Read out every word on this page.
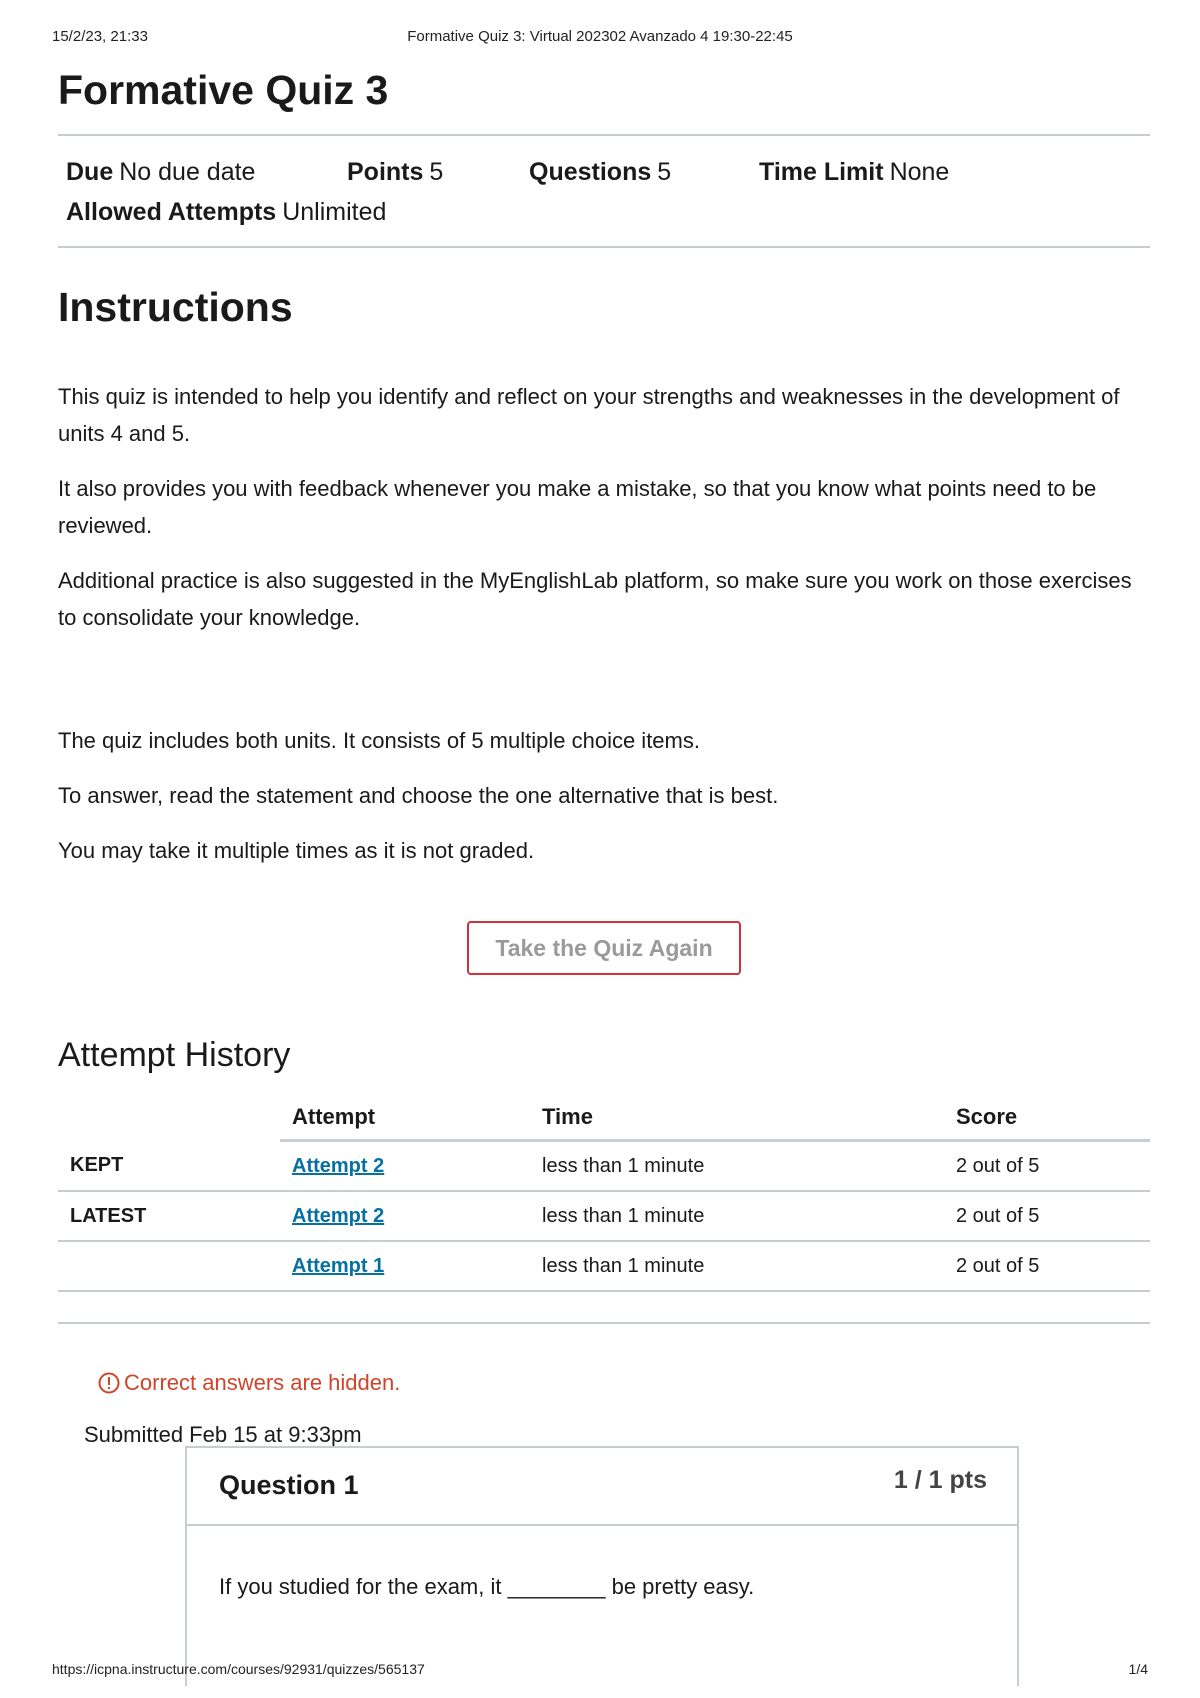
15/2/23, 21:33	Formative Quiz 3: Virtual 202302 Avanzado 4 19:30-22:45
Formative Quiz 3
Due No due date	Points 5	Questions 5	Time Limit None
Allowed Attempts Unlimited
Instructions

This quiz is intended to help you identify and reflect on your strengths and weaknesses in the development of units 4 and 5.

It also provides you with feedback whenever you make a mistake, so that you know what points need to be reviewed.

Additional practice is also suggested in the MyEnglishLab platform, so make sure you work on those exercises to consolidate your knowledge.

The quiz includes both units. It consists of 5 multiple choice items.

To answer, read the statement and choose the one alternative that is best.

You may take it multiple times as it is not graded.

Take the Quiz Again
Attempt History
	Attempt	Time	Score
KEPT	Attempt 2	less than 1 minute	2 out of 5
LATEST	Attempt 2	less than 1 minute	2 out of 5
	Attempt 1	less than 1 minute	2 out of 5
Correct answers are hidden.
Submitted Feb 15 at 9:33pm
Question 1	1 / 1 pts
If you studied for the exam, it ________ be pretty easy.
https://icpna.instructure.com/courses/92931/quizzes/565137	1/4
